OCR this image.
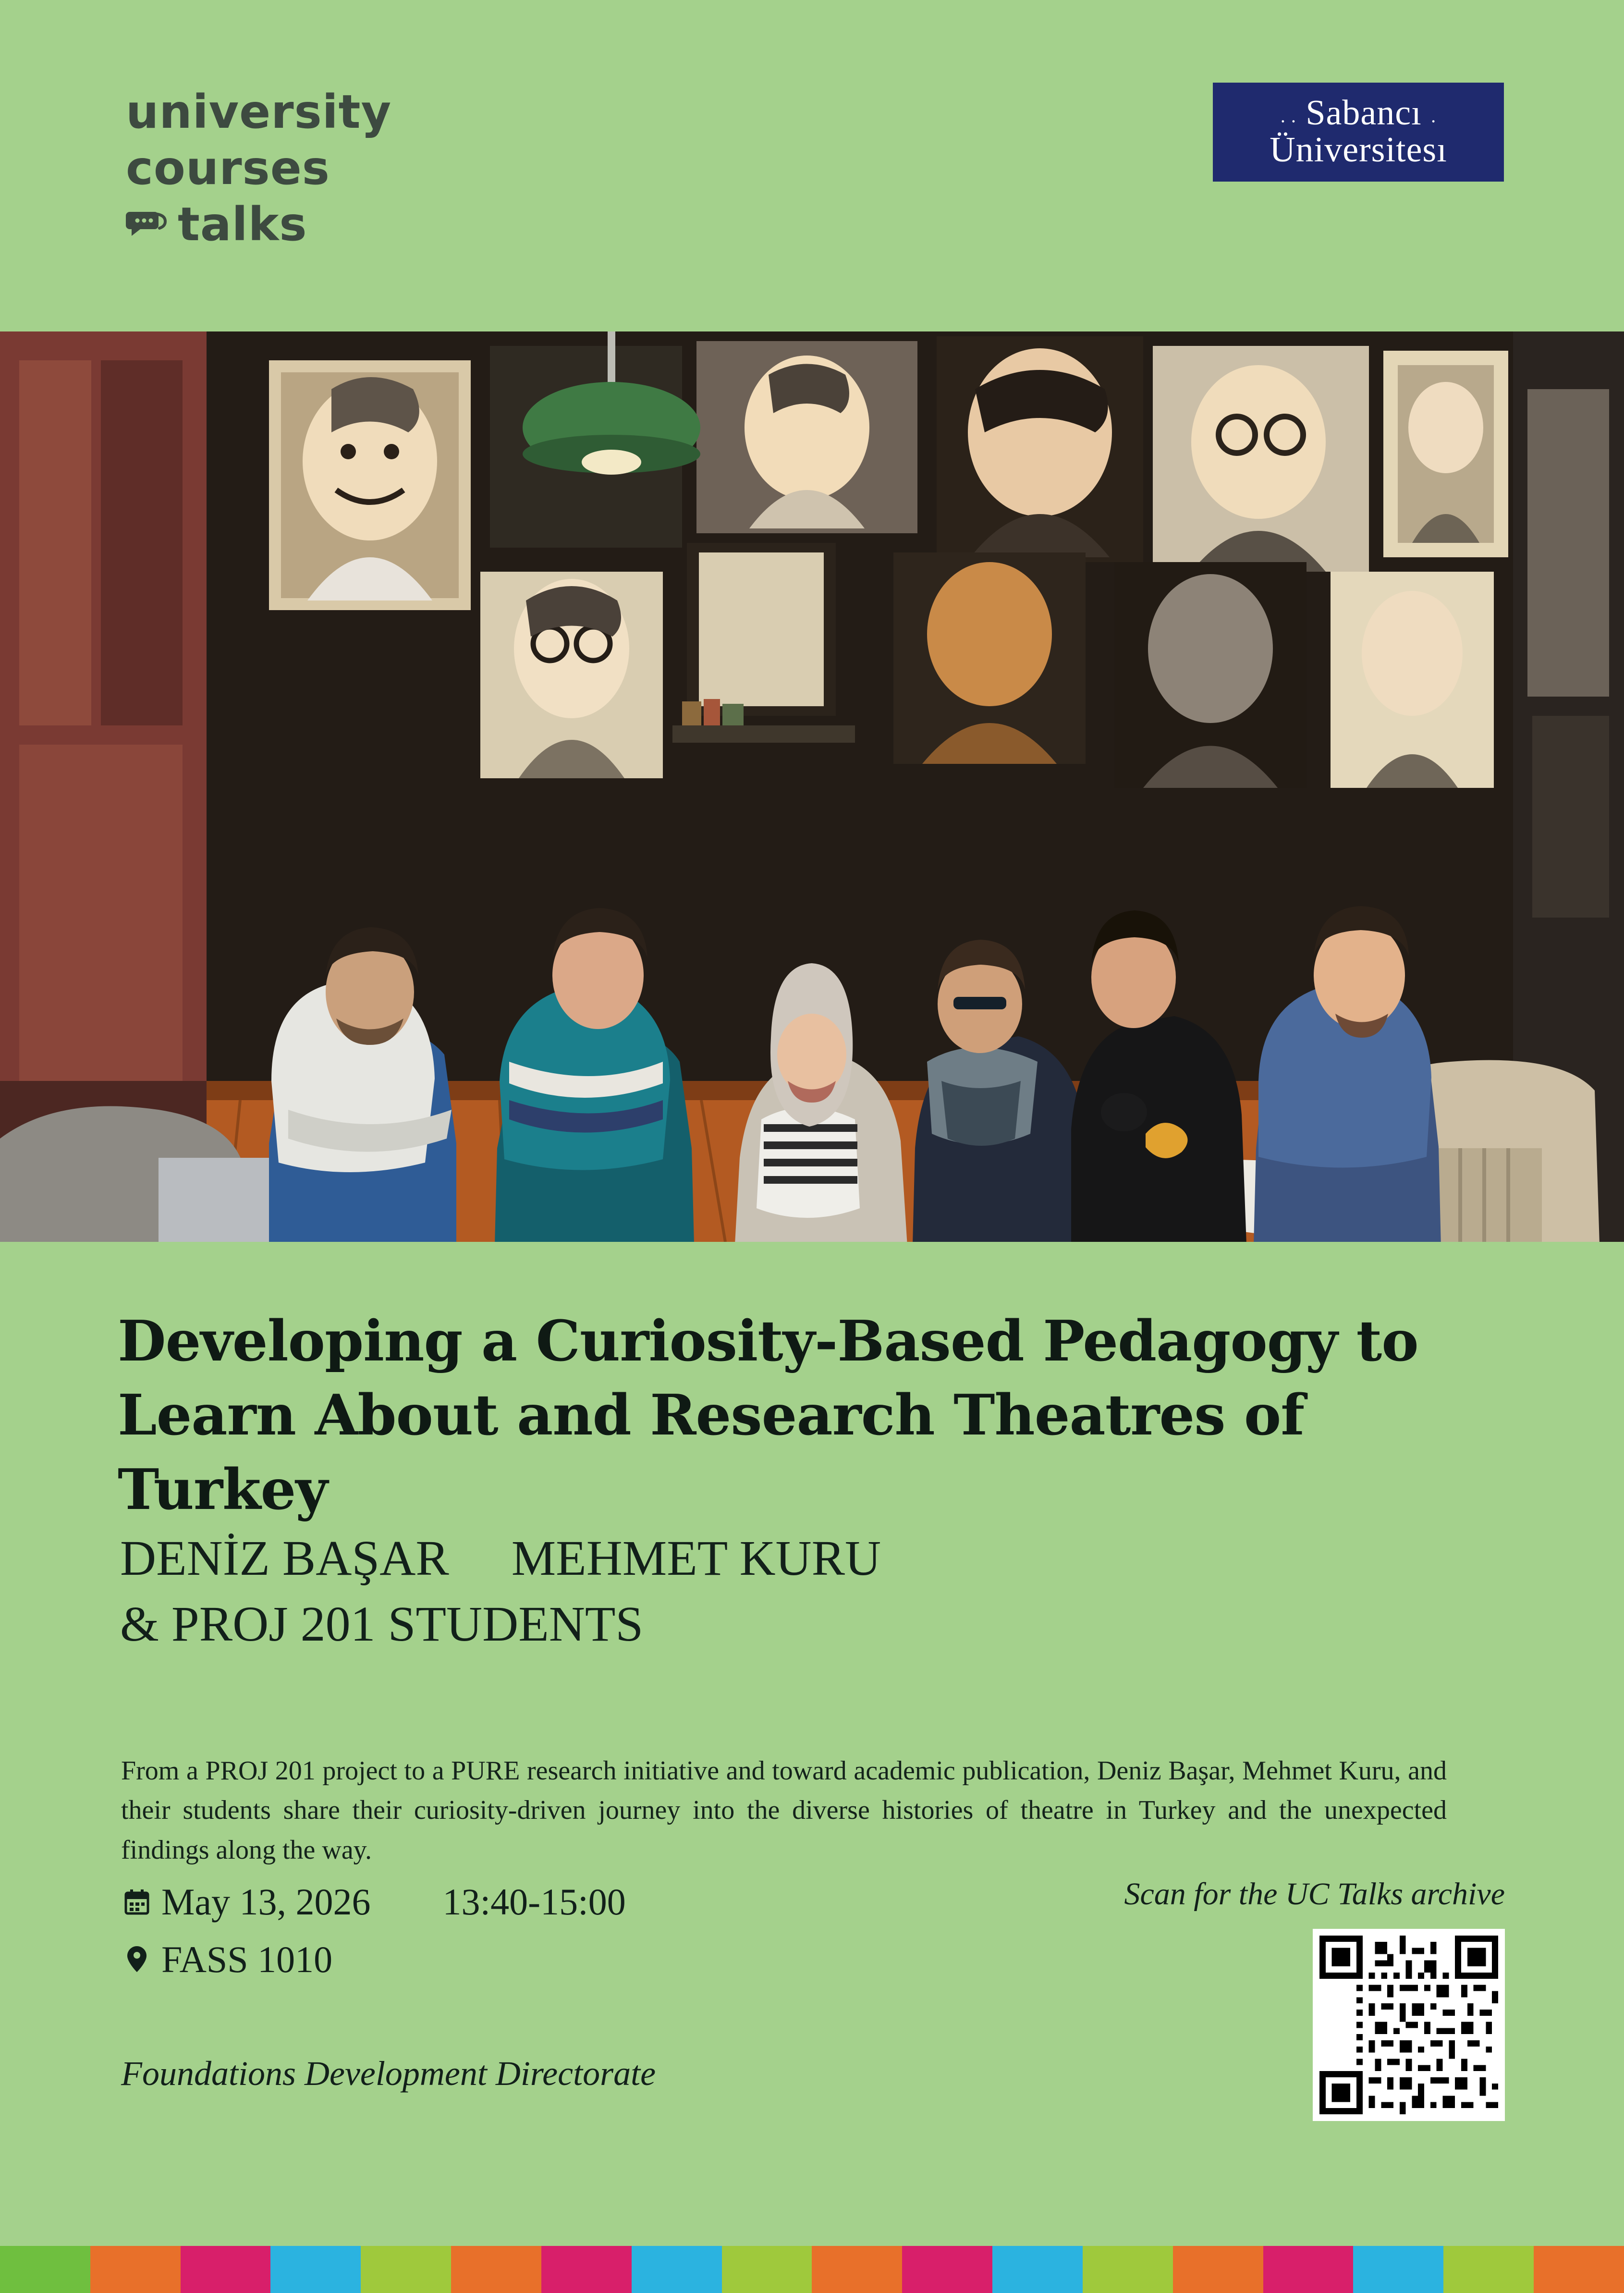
university
courses
talks
. . Sabancı .
Üniversitesı
Developing a Curiosity-Based Pedagogy to Learn About and Research Theatres of Turkey
DENİZ BAŞAR MEHMET KURU
& PROJ 201 STUDENTS
From a PROJ 201 project to a PURE research initiative and toward academic publication, Deniz Başar, Mehmet Kuru, and their students share their curiosity-driven journey into the diverse histories of theatre in Turkey and the unexpected findings along the way.
May 13, 2026 13:40-15:00
FASS 1010
Foundations Development Directorate
Scan for the UC Talks archive
